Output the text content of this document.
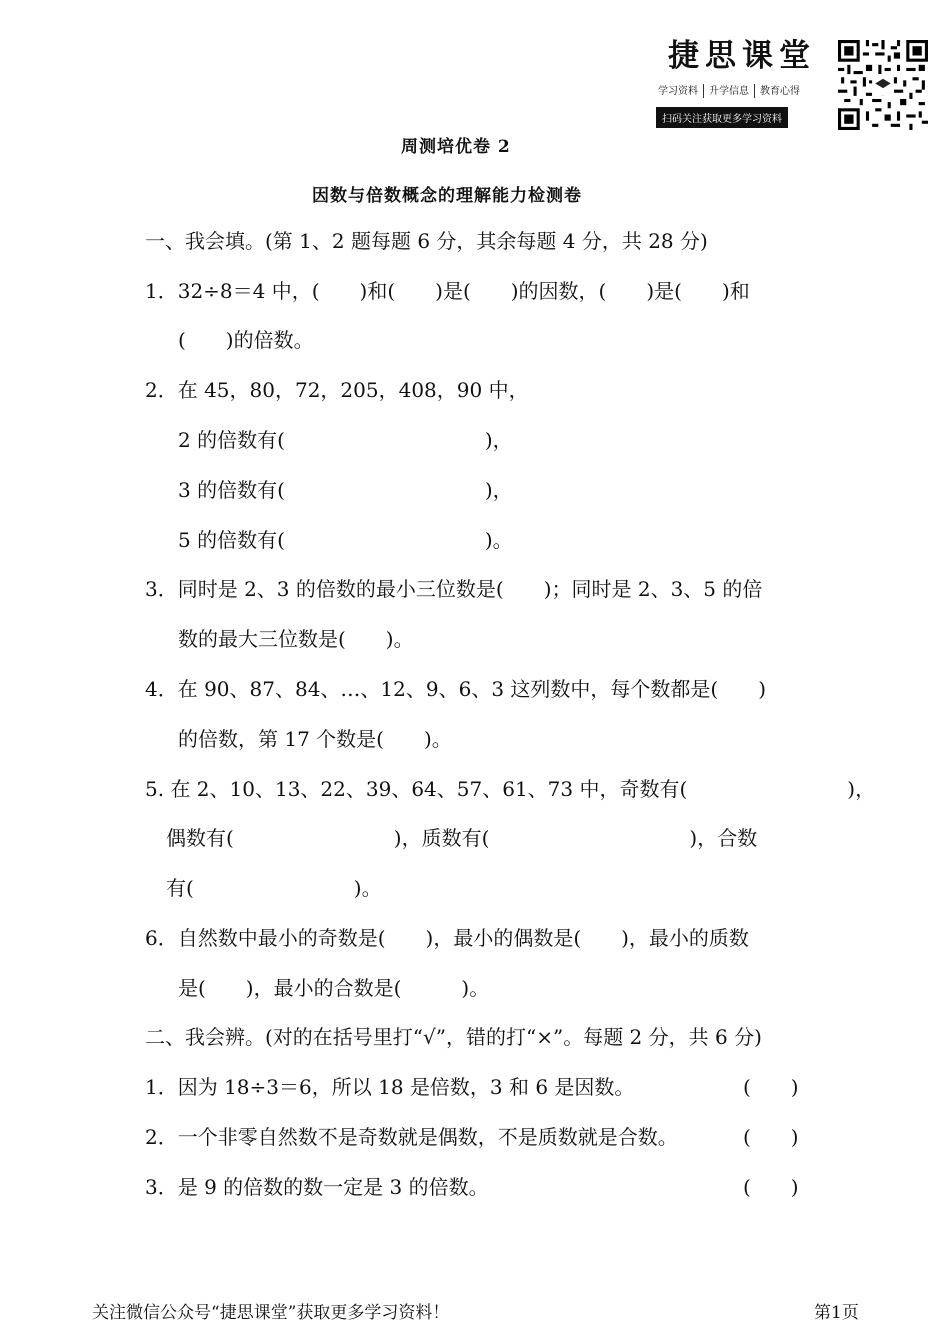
捷思课堂
学习资料 升学信息 教育心得
扫码关注获取更多学习资料
周测培优卷 2
因数与倍数概念的理解能力检测卷
一、我会填。(第 1、2 题每题 6 分，其余每题 4 分，共 28 分)
1．32÷8＝4 中，(　　)和(　　)是(　　)的因数，(　　)是(　　)和
(　　)的倍数。
2．在 45，80，72，205，408，90 中，
2 的倍数有(　　　　　　　　　　)，
3 的倍数有(　　　　　　　　　　)，
5 的倍数有(　　　　　　　　　　)。
3．同时是 2、3 的倍数的最小三位数是(　　)；同时是 2、3、5 的倍
数的最大三位数是(　　)。
4．在 90、87、84、…、12、9、6、3 这列数中，每个数都是(　　)
的倍数，第 17 个数是(　　)。
5. 在 2、10、13、22、39、64、57、61、73 中，奇数有(　　　　　　　　)，
偶数有(　　　　　　　　)，质数有(　　　　　　　　　　)，合数
有(　　　　　　　　)。
6．自然数中最小的奇数是(　　)，最小的偶数是(　　)，最小的质数
是(　　)，最小的合数是(　　　)。
二、我会辨。(对的在括号里打“√”，错的打“×”。每题 2 分，共 6 分)
1．因为 18÷3＝6，所以 18 是倍数，3 和 6 是因数。	(　　)
2．一个非零自然数不是奇数就是偶数，不是质数就是合数。	(　　)
3．是 9 的倍数的数一定是 3 的倍数。	(　　)
关注微信公众号“捷思课堂”获取更多学习资料！	第1页
